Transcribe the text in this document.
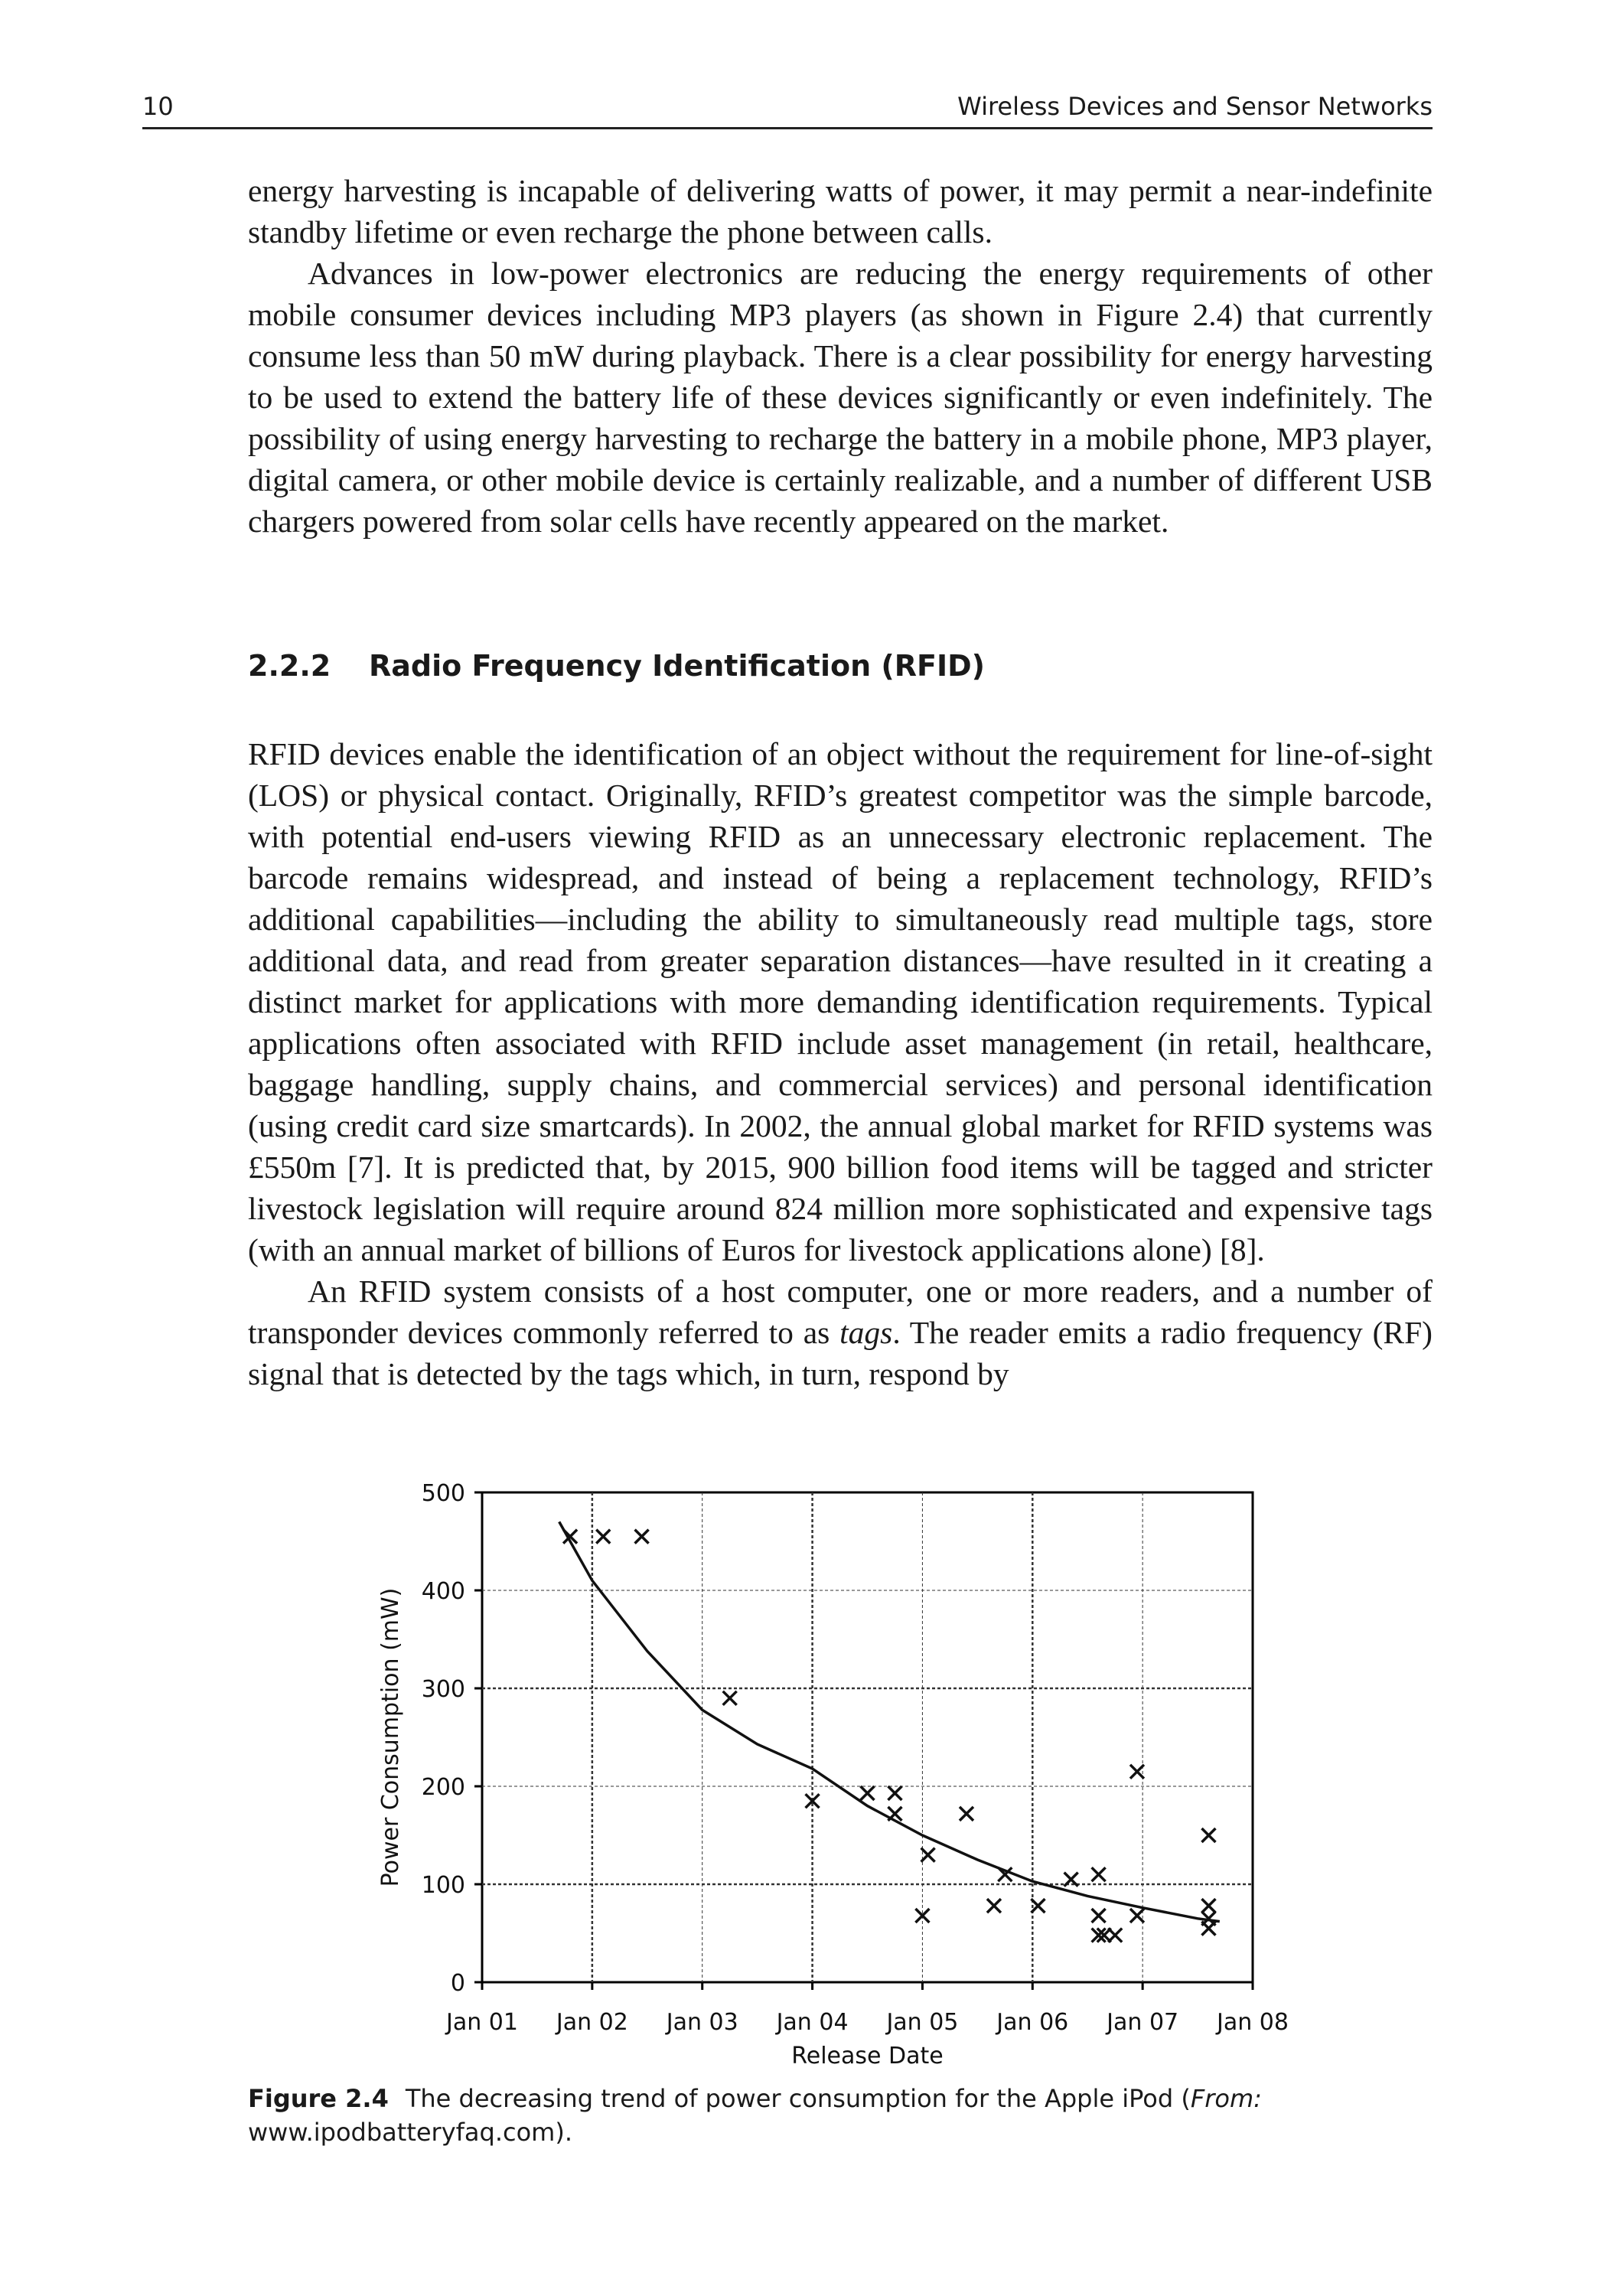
10	Wireless Devices and Sensor Networks

energy harvesting is incapable of delivering watts of power, it may permit a near-indefinite standby lifetime or even recharge the phone between calls.

Advances in low-power electronics are reducing the energy requirements of other mobile consumer devices including MP3 players (as shown in Figure 2.4) that currently consume less than 50 mW during playback. There is a clear possibility for energy harvesting to be used to extend the battery life of these devices significantly or even indefinitely. The possibility of using energy harvesting to recharge the battery in a mobile phone, MP3 player, digital camera, or other mobile device is certainly realizable, and a number of different USB chargers powered from solar cells have recently appeared on the market.

2.2.2 Radio Frequency Identification (RFID)

RFID devices enable the identification of an object without the requirement for line-of-sight (LOS) or physical contact. Originally, RFID’s greatest competitor was the simple barcode, with potential end-users viewing RFID as an unnecessary electronic replacement. The barcode remains widespread, and instead of being a replacement technology, RFID’s additional capabilities—including the ability to simultaneously read multiple tags, store additional data, and read from greater separation distances—have resulted in it creating a distinct market for applications with more demanding identification requirements. Typical applications often associated with RFID include asset management (in retail, healthcare, baggage handling, supply chains, and commercial services) and personal identification (using credit card size smartcards). In 2002, the annual global market for RFID systems was £550m [7]. It is predicted that, by 2015, 900 billion food items will be tagged and stricter livestock legislation will require around 824 million more sophisticated and expensive tags (with an annual market of billions of Euros for livestock applications alone) [8].

An RFID system consists of a host computer, one or more readers, and a number of transponder devices commonly referred to as tags. The reader emits a radio frequency (RF) signal that is detected by the tags which, in turn, respond by

0
100
200
300
400
500
Jan 01 Jan 02 Jan 03 Jan 04 Jan 05 Jan 06 Jan 07 Jan 08
Release Date
Power Consumption (mW)
Figure 2.4 The decreasing trend of power consumption for the Apple iPod (From: www.ipodbatteryfaq.com).
